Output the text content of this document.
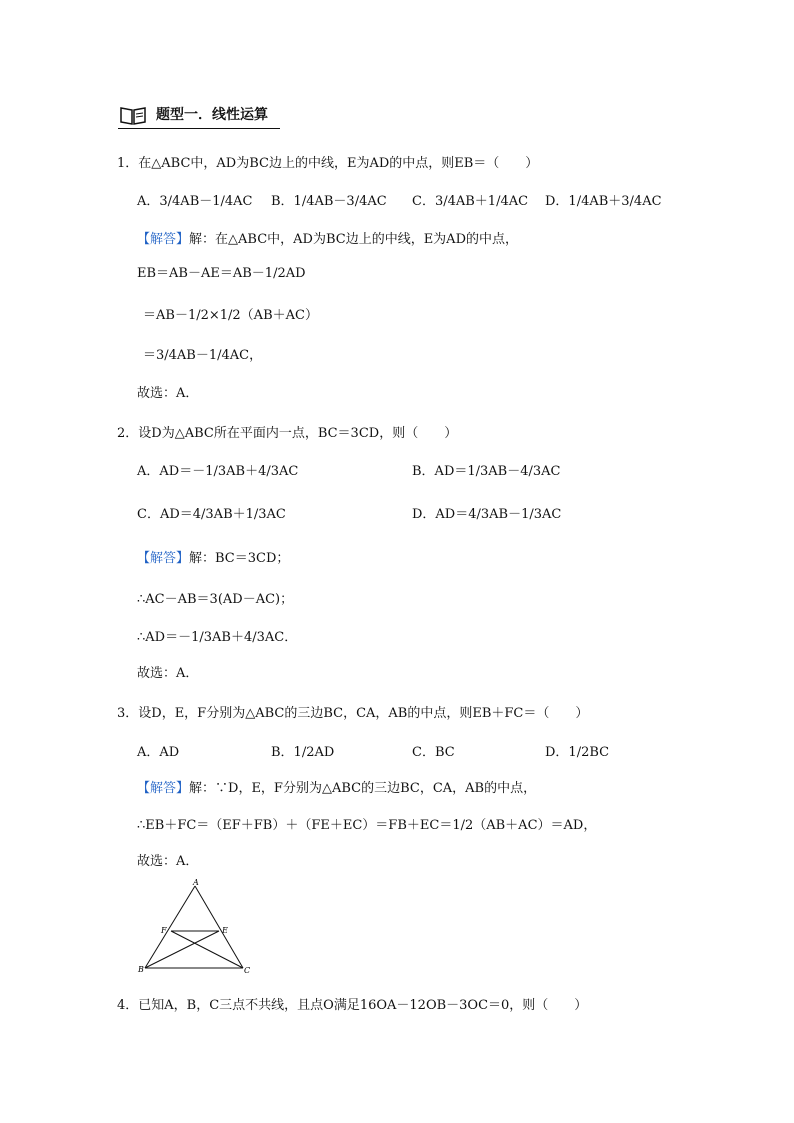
题型一．线性运算
1．在△ABC中，AD为BC边上的中线，E为AD的中点，则EB＝（　　）
A．3/4AB－1/4AC B．1/4AB－3/4AC C．3/4AB＋1/4AC D．1/4AB＋3/4AC
【解答】解：在△ABC中，AD为BC边上的中线，E为AD的中点，
EB＝AB－AE＝AB－1/2AD
＝AB－1/2×1/2（AB＋AC）
＝3/4AB－1/4AC，
故选：A．
2．设D为△ABC所在平面内一点，BC＝3CD，则（　　）
A．AD＝－1/3AB＋4/3AC	B．AD＝1/3AB－4/3AC
C．AD＝4/3AB＋1/3AC	D．AD＝4/3AB－1/3AC
【解答】解：BC＝3CD；
∴AC－AB＝3(AD－AC)；
∴AD＝－1/3AB＋4/3AC．
故选：A．
3．设D，E，F分别为△ABC的三边BC，CA，AB的中点，则EB＋FC＝（　　）
A．AD	B．1/2AD	C．BC	D．1/2BC
【解答】解：∵D，E，F分别为△ABC的三边BC，CA，AB的中点，
∴EB＋FC＝（EF＋FB）＋（FE＋EC）＝FB＋EC＝1/2（AB＋AC）＝AD，
故选：A．
A
F	E
B	C
4．已知A，B，C三点不共线，且点O满足16OA－12OB－3OC＝0，则（　　）
